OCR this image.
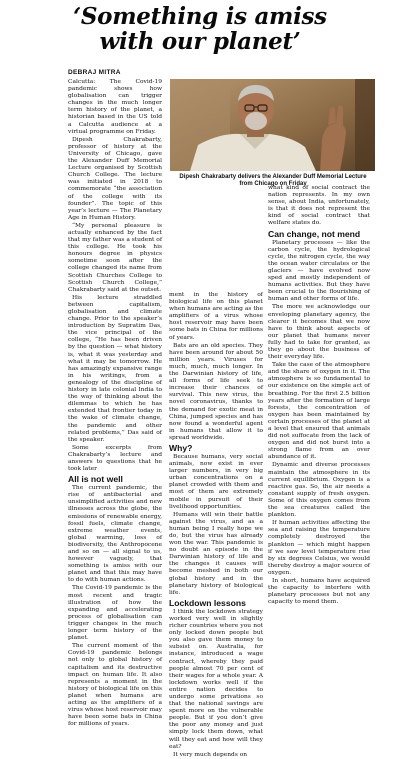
‘Something is amiss
with our planet’
DEBRAJ MITRA

Calcutta: The Covid-19 pandemic shows how globalisation can trigger changes in the much longer term history of the planet, a historian based in the US told a Calcutta audience at a virtual programme on Friday.

Dipesh Chakrabarty, professor of history at the University of Chicago, gave the Alexander Duff Memorial Lecture organised by Scottish Church College. The lecture was initiated in 2018 to commemorate “the association of the college with its founder”. The topic of this year’s lecture — The Planetary Age in Human History.

“My personal pleasure is actually enhanced by the fact that my father was a student of this college. He took his honours degree in physics sometime soon after the college changed its name from Scottish Churches College to Scottish Church College,” Chakrabarty said at the outset.

His lecture straddled between capitalism, globalisation and climate change. Prior to the speaker’s introduction by Supratim Das, the vice principal of the college, “He has been driven by the question — what history is, what it was yesterday and what it may be tomorrow. He has amazingly expansive range in his writings, from a genealogy of the discipline of history in late colonial India to the way of thinking about the dilemmas to which he has extended that frontier today in the wake of climate change, the pandemic and other related problems,” Das said of the speaker.

Some excerpts from Chakrabarty’s lecture and answers to questions that he took later

All is not well

The current pandemic, the rise of antibacterial and unsimplified activities and new illnesses across the globe, the emissions of renewable energy, fossil fuels, climate change, extreme weather events, global warming, loss of biodiversity, the Anthropocene and so on — all signal to us, however vaguely, that something is amiss with our planet and that this may have to do with human actions.

The Covid-19 pandemic is the most recent and tragic illustration of how the expanding and accelerating process of globalisation can trigger changes in the much longer term history of the planet.

The current moment of the Covid-19 pandemic belongs not only to global history of capitalism and its destructive impact on human life. It also represents a moment in the history of biological life on this planet when humans are acting as the amplifiers of a virus whose host reservoir may have been some bats in China for millions of years.

Dipesh Chakrabarty delivers the Alexander Duff Memorial Lecture from Chicago on Friday

ment in the history of biological life on this planet when humans are acting as the amplifiers of a virus whose host reservoir may have been some bats in China for millions of years.

Bats are an old species. They have been around for about 50 million years. Viruses for much, much, much longer. In the Darwinian history of life, all forms of life seek to increase their chances of survival. This new virus, the novel coronavirus, thanks to the demand for exotic meat in China, jumped species and has now found a wonderful agent in humans that allow it to spread worldwide.

Why?

Because humans, very social animals, now exist in ever larger numbers, in very big urban concentrations on a planet crowded with them and most of them are extremely mobile in pursuit of their livelihood opportunities.

Humans will win their battle against the virus, and as a human being I really hope we do, but the virus has already won the war. This pandemic is no doubt an episode in the Darwinian history of life and the changes it causes will become meshed in both our global history and in the planetary history of biological life.

Lockdown lessons

I think the lockdown strategy worked very well in slightly richer countries where you not only locked down people but you also gave them money to subsist on. Australia, for instance, introduced a wage contract, whereby they paid people almost 70 per cent of their wages for a whole year. A lockdown works well if the entire nation decides to undergo some privations so that the national savings are spent more on the vulnerable people. But if you don’t give the poor any money and just simply lock them down, what will they eat and how will they eat?

It very much depends on

what kind of social contract the nation represents. In my own sense, about India, unfortunately, is that it does not represent the kind of social contract that welfare states do.

Can change, not mend

Planetary processes — like the carbon cycle, the hydrological cycle, the nitrogen cycle, the way the ocean water circulates or the glaciers — have evolved now sped and mostly independent of humans activities. But they have been crucial to the flourishing of human and other forms of life.

The more we acknowledge our enveloping planetary agency, the clearer it becomes that we now have to think about aspects of our planet that humans never fully had to take for granted, as they go about the business of their everyday life.

Take the case of the atmosphere and the share of oxygen in it. The atmosphere is so fundamental to our existence on the simple act of breathing. For the first 2.5 billion years after the formation of large forests, the concentration of oxygen has been maintained by certain processes of the planet at a level that ensured that animals did not suffocate from the lack of oxygen and did not burst into a strong flame from an over abundance of it.

Dynamic and diverse processes maintain the atmosphere in its current equilibrium. Oxygen is a reactive gas. So, the air needs a constant supply of fresh oxygen. Some of this oxygen comes from the sea creatures called the plankton.

If human activities affecting the sea and raising the temperature completely destroyed the plankton — which might happen if we saw level temperature rise by six degrees Celsius, we would thereby destroy a major source of oxygen.

In short, humans have acquired the capacity to interfere with planetary processes but not any capacity to mend them.
